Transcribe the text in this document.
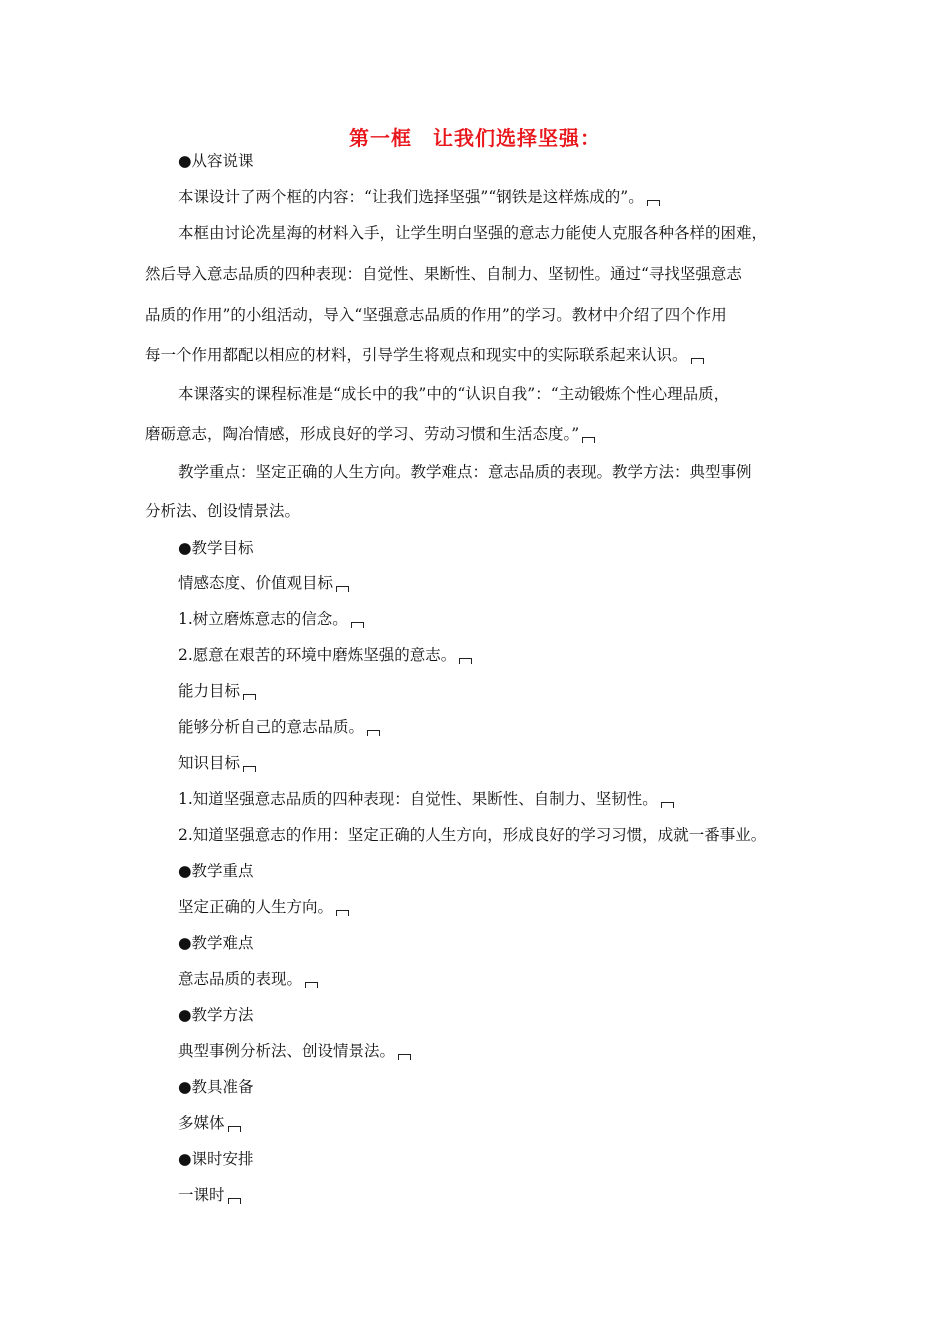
第一框　让我们选择坚强：
●从容说课
本课设计了两个框的内容：“让我们选择坚强”“钢铁是这样炼成的”。
本框由讨论冼星海的材料入手，让学生明白坚强的意志力能使人克服各种各样的困难，
然后导入意志品质的四种表现：自觉性、果断性、自制力、坚韧性。通过“寻找坚强意志
品质的作用”的小组活动，导入“坚强意志品质的作用”的学习。教材中介绍了四个作用
每一个作用都配以相应的材料，引导学生将观点和现实中的实际联系起来认识。
本课落实的课程标准是“成长中的我”中的“认识自我”：“主动锻炼个性心理品质，
磨砺意志，陶冶情感，形成良好的学习、劳动习惯和生活态度。”
教学重点：坚定正确的人生方向。教学难点：意志品质的表现。教学方法：典型事例
分析法、创设情景法。
●教学目标
情感态度、价值观目标
1.树立磨炼意志的信念。
2.愿意在艰苦的环境中磨炼坚强的意志。
能力目标
能够分析自己的意志品质。
知识目标
1.知道坚强意志品质的四种表现：自觉性、果断性、自制力、坚韧性。
2.知道坚强意志的作用：坚定正确的人生方向，形成良好的学习习惯，成就一番事业。
●教学重点
坚定正确的人生方向。
●教学难点
意志品质的表现。
●教学方法
典型事例分析法、创设情景法。
●教具准备
多媒体
●课时安排
一课时
